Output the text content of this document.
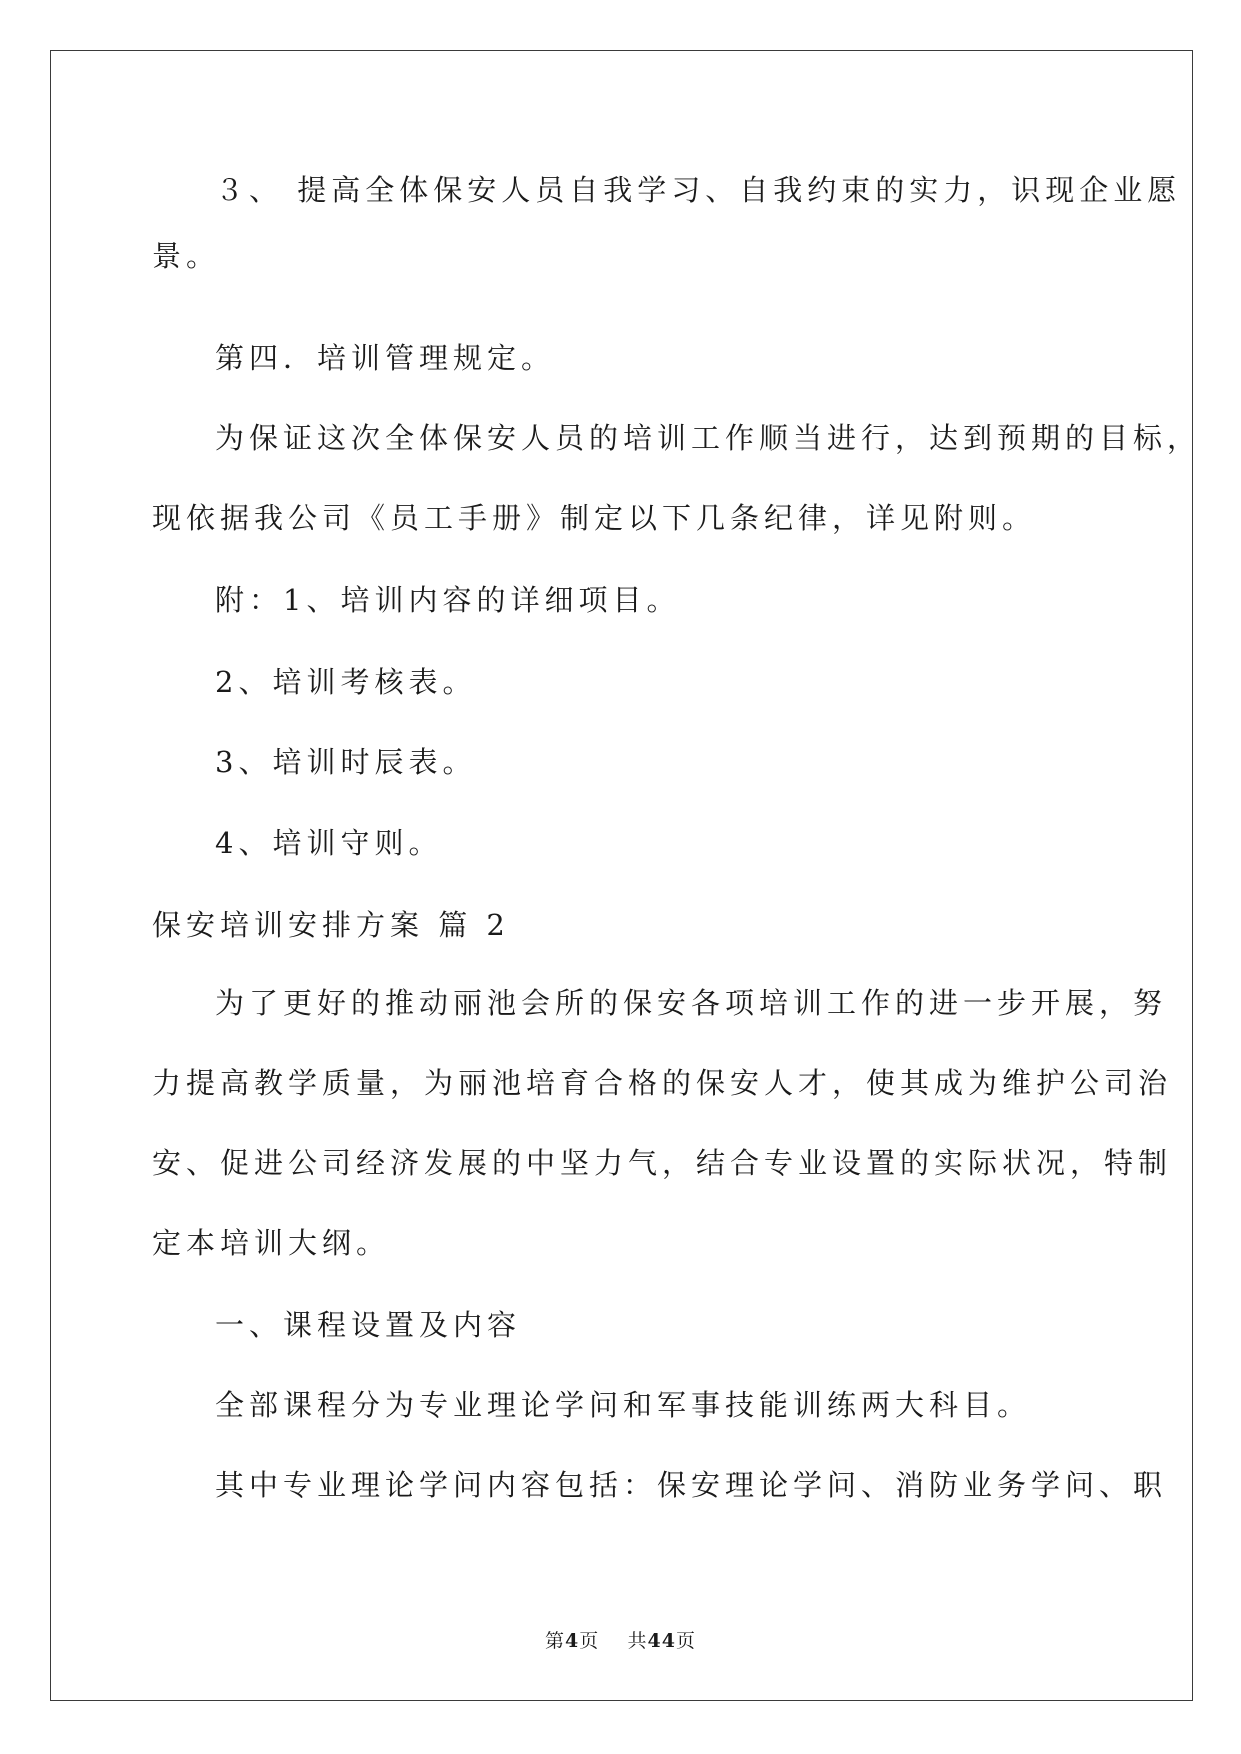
３、 提高全体保安人员自我学习、自我约束的实力，识现企业愿
景。
第四．培训管理规定。
为保证这次全体保安人员的培训工作顺当进行，达到预期的目标，
现依据我公司《员工手册》制定以下几条纪律，详见附则。
附：1、培训内容的详细项目。
2、培训考核表。
3、培训时辰表。
4、培训守则。
保安培训安排方案 篇 2
为了更好的推动丽池会所的保安各项培训工作的进一步开展，努
力提高教学质量，为丽池培育合格的保安人才，使其成为维护公司治
安、促进公司经济发展的中坚力气，结合专业设置的实际状况，特制
定本培训大纲。
一、课程设置及内容
全部课程分为专业理论学问和军事技能训练两大科目。
其中专业理论学问内容包括：保安理论学问、消防业务学问、职
第4页 共44页
